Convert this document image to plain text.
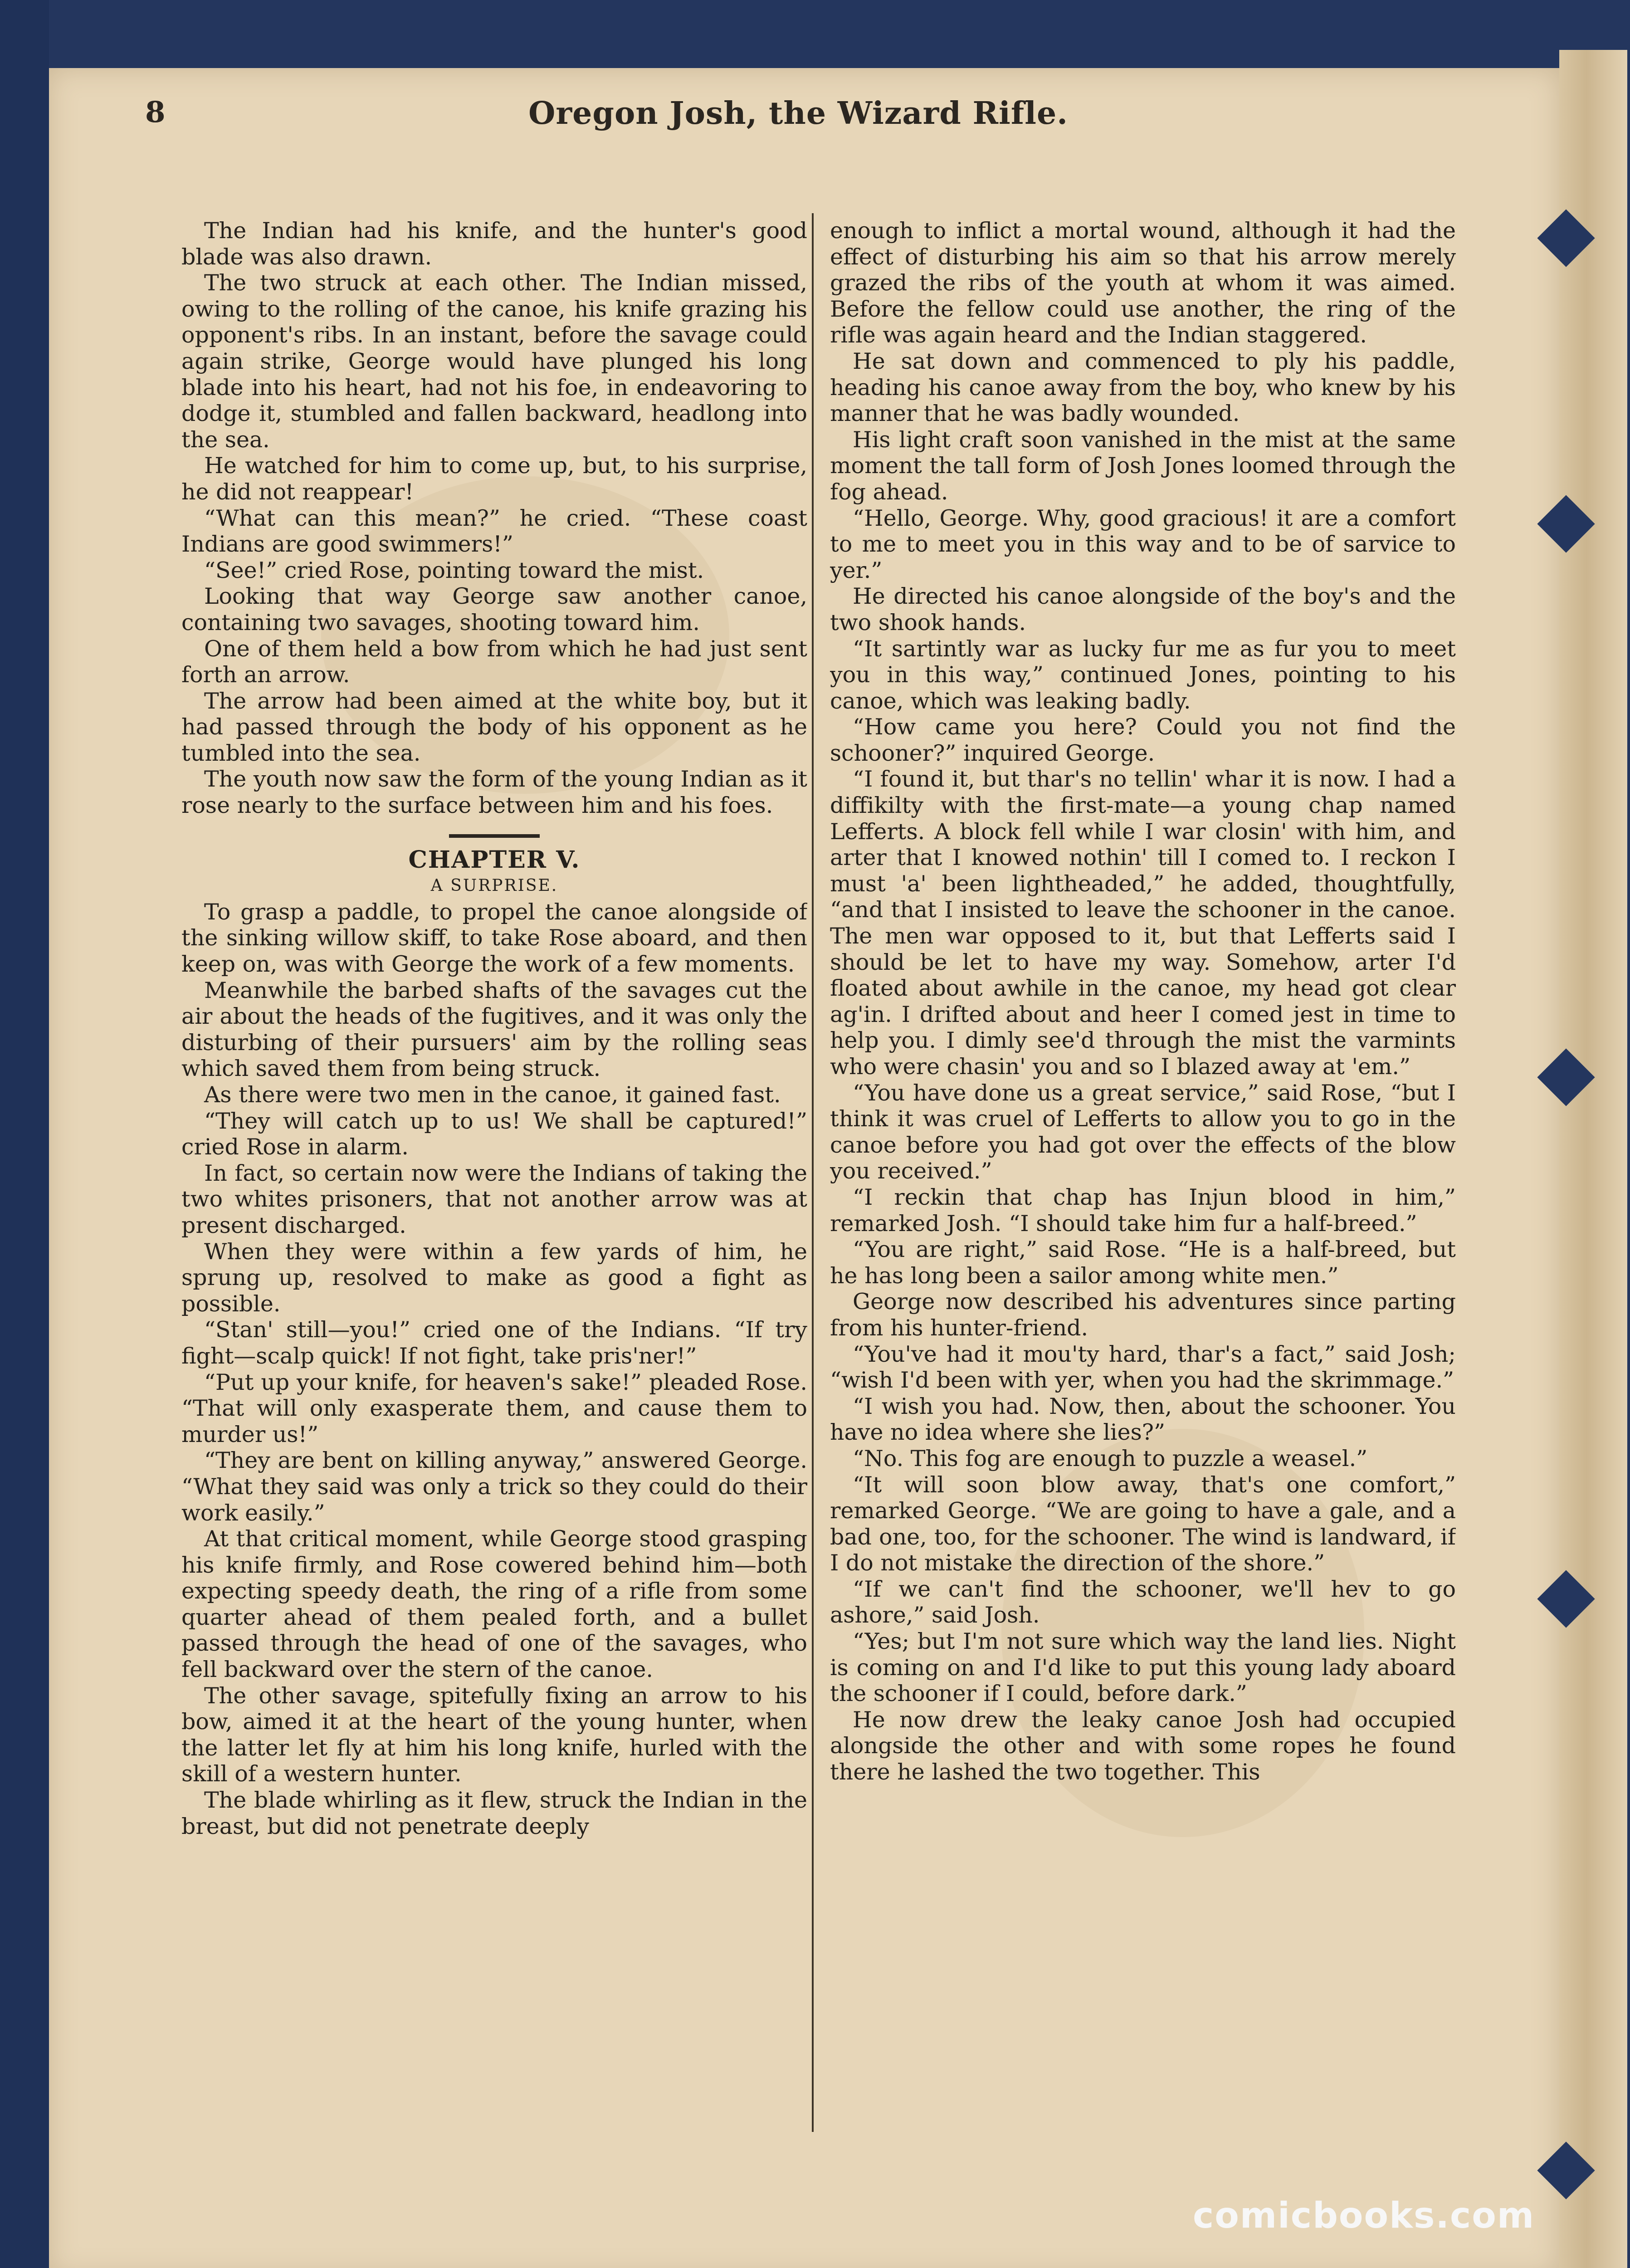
Oregon Josh, the Wizard Rifle.
8

The Indian had his knife, and the hunter's good blade was also drawn.

The two struck at each other. The Indian missed, owing to the rolling of the canoe, his knife grazing his opponent's ribs. In an instant, before the savage could again strike, George would have plunged his long blade into his heart, had not his foe, in endeavoring to dodge it, stumbled and fallen backward, headlong into the sea.

He watched for him to come up, but, to his surprise, he did not reappear!

“What can this mean?” he cried. “These coast Indians are good swimmers!”

“See!” cried Rose, pointing toward the mist.

Looking that way George saw another canoe, containing two savages, shooting toward him.

One of them held a bow from which he had just sent forth an arrow.

The arrow had been aimed at the white boy, but it had passed through the body of his opponent as he tumbled into the sea.

The youth now saw the form of the young Indian as it rose nearly to the surface between him and his foes.

CHAPTER V.

A SURPRISE.

To grasp a paddle, to propel the canoe alongside of the sinking willow skiff, to take Rose aboard, and then keep on, was with George the work of a few moments.

Meanwhile the barbed shafts of the savages cut the air about the heads of the fugitives, and it was only the disturbing of their pursuers' aim by the rolling seas which saved them from being struck.

As there were two men in the canoe, it gained fast.

“They will catch up to us! We shall be captured!” cried Rose in alarm.

In fact, so certain now were the Indians of taking the two whites prisoners, that not another arrow was at present discharged.

When they were within a few yards of him, he sprung up, resolved to make as good a fight as possible.

“Stan' still—you!” cried one of the Indians. “If try fight—scalp quick! If not fight, take pris'ner!”

“Put up your knife, for heaven's sake!” pleaded Rose. “That will only exasperate them, and cause them to murder us!”

“They are bent on killing anyway,” answered George. “What they said was only a trick so they could do their work easily.”

At that critical moment, while George stood grasping his knife firmly, and Rose cowered behind him—both expecting speedy death, the ring of a rifle from some quarter ahead of them pealed forth, and a bullet passed through the head of one of the savages, who fell backward over the stern of the canoe.

The other savage, spitefully fixing an arrow to his bow, aimed it at the heart of the young hunter, when the latter let fly at him his long knife, hurled with the skill of a western hunter.

The blade whirling as it flew, struck the Indian in the breast, but did not penetrate deeply

enough to inflict a mortal wound, although it had the effect of disturbing his aim so that his arrow merely grazed the ribs of the youth at whom it was aimed. Before the fellow could use another, the ring of the rifle was again heard and the Indian staggered.

He sat down and commenced to ply his paddle, heading his canoe away from the boy, who knew by his manner that he was badly wounded.

His light craft soon vanished in the mist at the same moment the tall form of Josh Jones loomed through the fog ahead.

“Hello, George. Why, good gracious! it are a comfort to me to meet you in this way and to be of sarvice to yer.”

He directed his canoe alongside of the boy's and the two shook hands.

“It sartintly war as lucky fur me as fur you to meet you in this way,” continued Jones, pointing to his canoe, which was leaking badly.

“How came you here? Could you not find the schooner?” inquired George.

“I found it, but thar's no tellin' whar it is now. I had a diffikilty with the first-mate—a young chap named Lefferts. A block fell while I war closin' with him, and arter that I knowed nothin' till I comed to. I reckon I must 'a' been lightheaded,” he added, thoughtfully, “and that I insisted to leave the schooner in the canoe. The men war opposed to it, but that Lefferts said I should be let to have my way. Somehow, arter I'd floated about awhile in the canoe, my head got clear ag'in. I drifted about and heer I comed jest in time to help you. I dimly see'd through the mist the varmints who were chasin' you and so I blazed away at 'em.”

“You have done us a great service,” said Rose, “but I think it was cruel of Lefferts to allow you to go in the canoe before you had got over the effects of the blow you received.”

“I reckin that chap has Injun blood in him,” remarked Josh. “I should take him fur a half-breed.”

“You are right,” said Rose. “He is a half-breed, but he has long been a sailor among white men.”

George now described his adventures since parting from his hunter-friend.

“You've had it mou'ty hard, thar's a fact,” said Josh; “wish I'd been with yer, when you had the skrimmage.”

“I wish you had. Now, then, about the schooner. You have no idea where she lies?”

“No. This fog are enough to puzzle a weasel.”

“It will soon blow away, that's one comfort,” remarked George. “We are going to have a gale, and a bad one, too, for the schooner. The wind is landward, if I do not mistake the direction of the shore.”

“If we can't find the schooner, we'll hev to go ashore,” said Josh.

“Yes; but I'm not sure which way the land lies. Night is coming on and I'd like to put this young lady aboard the schooner if I could, before dark.”

He now drew the leaky canoe Josh had occupied alongside the other and with some ropes he found there he lashed the two together. This

comicbooks.com
